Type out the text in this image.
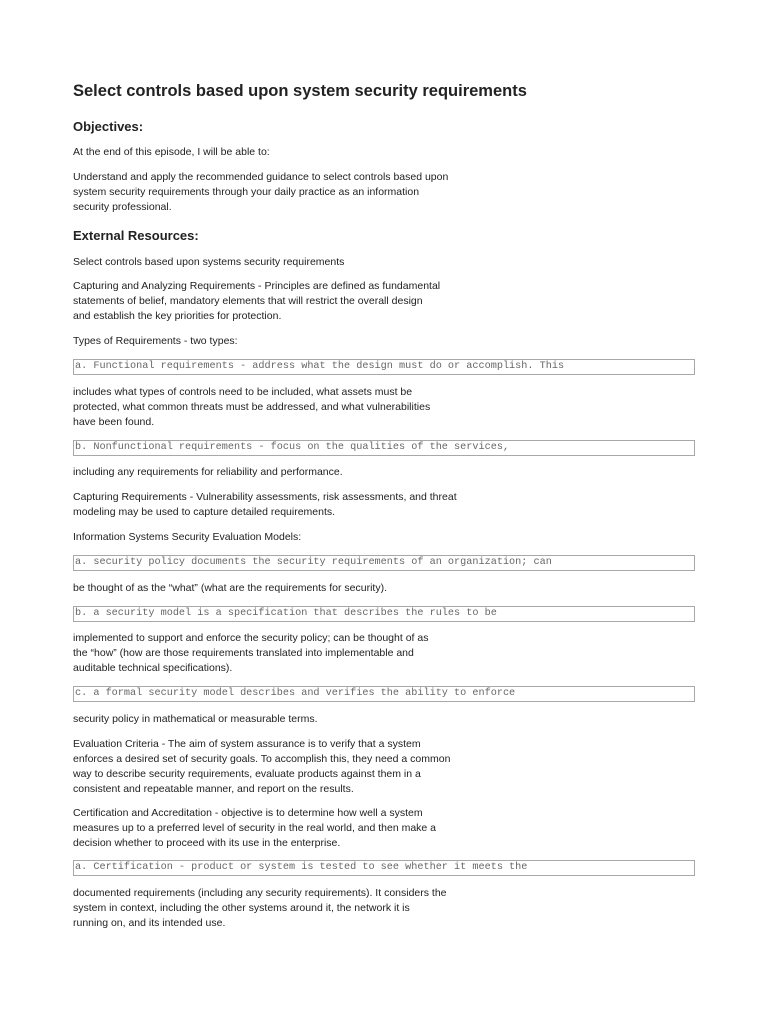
Select controls based upon system security requirements
Objectives:

At the end of this episode, I will be able to:

Understand and apply the recommended guidance to select controls based upon
system security requirements through your daily practice as an information
security professional.

External Resources:

Select controls based upon systems security requirements

Capturing and Analyzing Requirements - Principles are defined as fundamental
statements of belief, mandatory elements that will restrict the overall design
and establish the key priorities for protection.

Types of Requirements - two types:

a. Functional requirements - address what the design must do or accomplish. This

includes what types of controls need to be included, what assets must be
protected, what common threats must be addressed, and what vulnerabilities
have been found.

b. Nonfunctional requirements - focus on the qualities of the services,

including any requirements for reliability and performance.

Capturing Requirements - Vulnerability assessments, risk assessments, and threat
modeling may be used to capture detailed requirements.

Information Systems Security Evaluation Models:

a. security policy documents the security requirements of an organization; can

be thought of as the “what” (what are the requirements for security).

b. a security model is a specification that describes the rules to be

implemented to support and enforce the security policy; can be thought of as
the “how” (how are those requirements translated into implementable and
auditable technical specifications).

c. a formal security model describes and verifies the ability to enforce

security policy in mathematical or measurable terms.

Evaluation Criteria - The aim of system assurance is to verify that a system
enforces a desired set of security goals. To accomplish this, they need a common
way to describe security requirements, evaluate products against them in a
consistent and repeatable manner, and report on the results.

Certification and Accreditation - objective is to determine how well a system
measures up to a preferred level of security in the real world, and then make a
decision whether to proceed with its use in the enterprise.

a. Certification - product or system is tested to see whether it meets the

documented requirements (including any security requirements). It considers the
system in context, including the other systems around it, the network it is
running on, and its intended use.
